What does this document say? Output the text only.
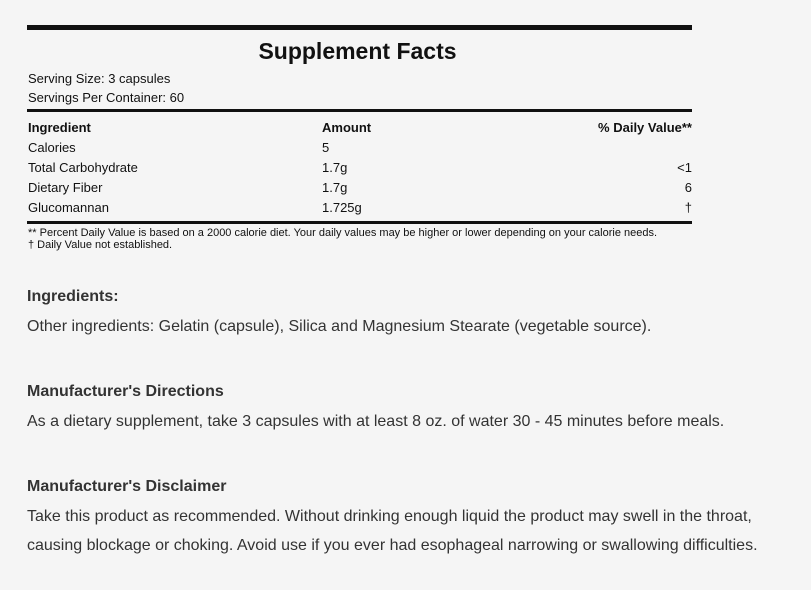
Supplement Facts
Serving Size: 3 capsules
Servings Per Container: 60
Ingredient	Amount	% Daily Value**
Calories	5	
Total Carbohydrate	1.7g	<1
Dietary Fiber	1.7g	6
Glucomannan	1.725g	†
** Percent Daily Value is based on a 2000 calorie diet. Your daily values may be higher or lower depending on your calorie needs.
† Daily Value not established.
Ingredients:

Other ingredients: Gelatin (capsule), Silica and Magnesium Stearate (vegetable source).

Manufacturer's Directions

As a dietary supplement, take 3 capsules with at least 8 oz. of water 30 - 45 minutes before meals.

Manufacturer's Disclaimer

Take this product as recommended. Without drinking enough liquid the product may swell in the throat, causing blockage or choking. Avoid use if you ever had esophageal narrowing or swallowing difficulties.
